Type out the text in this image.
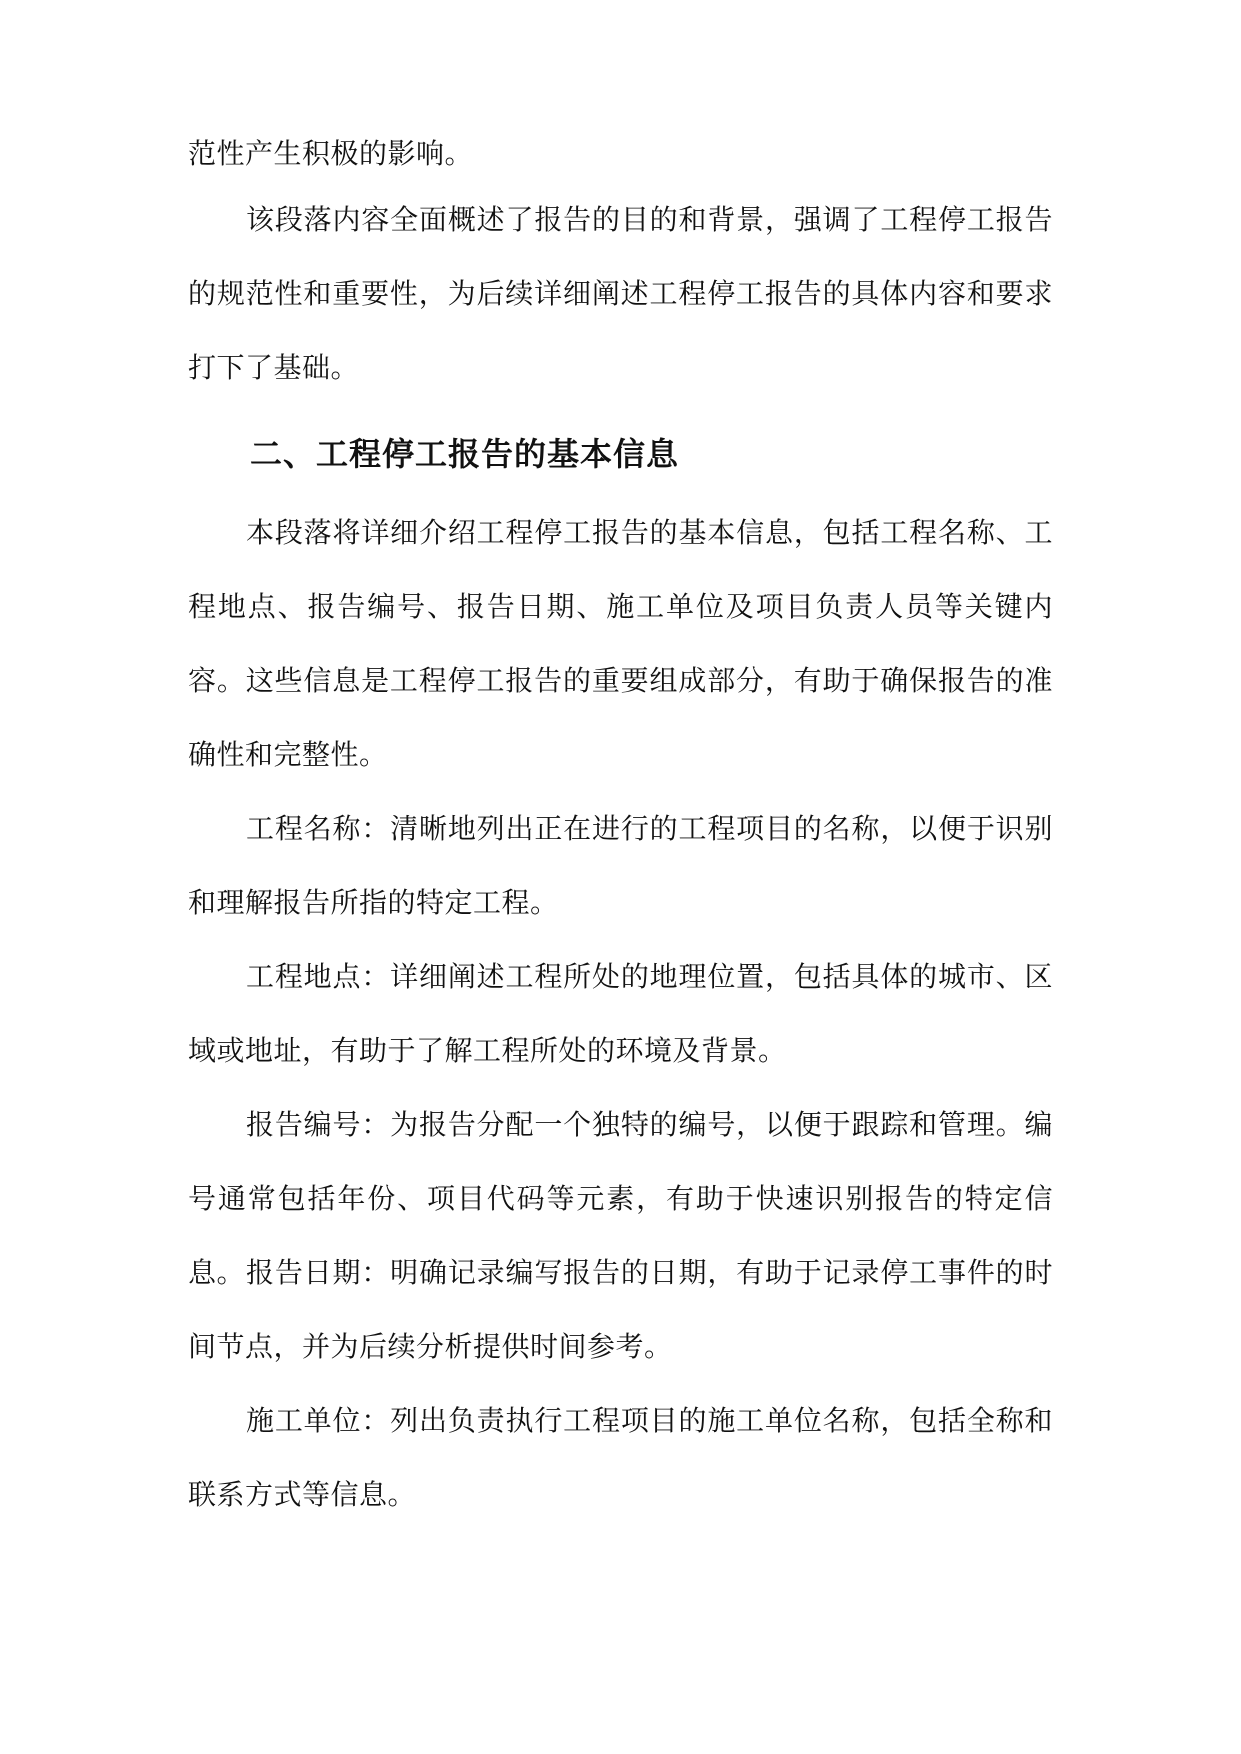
范性产生积极的影响。

该段落内容全面概述了报告的目的和背景，强调了工程停工报告的规范性和重要性，为后续详细阐述工程停工报告的具体内容和要求打下了基础。

二、工程停工报告的基本信息

本段落将详细介绍工程停工报告的基本信息，包括工程名称、工程地点、报告编号、报告日期、施工单位及项目负责人员等关键内容。这些信息是工程停工报告的重要组成部分，有助于确保报告的准确性和完整性。

工程名称：清晰地列出正在进行的工程项目的名称，以便于识别和理解报告所指的特定工程。

工程地点：详细阐述工程所处的地理位置，包括具体的城市、区域或地址，有助于了解工程所处的环境及背景。

报告编号：为报告分配一个独特的编号，以便于跟踪和管理。编号通常包括年份、项目代码等元素，有助于快速识别报告的特定信息。 报告日期：明确记录编写报告的日期，有助于记录停工事件的时间节点，并为后续分析提供时间参考。

施工单位：列出负责执行工程项目的施工单位名称，包括全称和联系方式等信息。
